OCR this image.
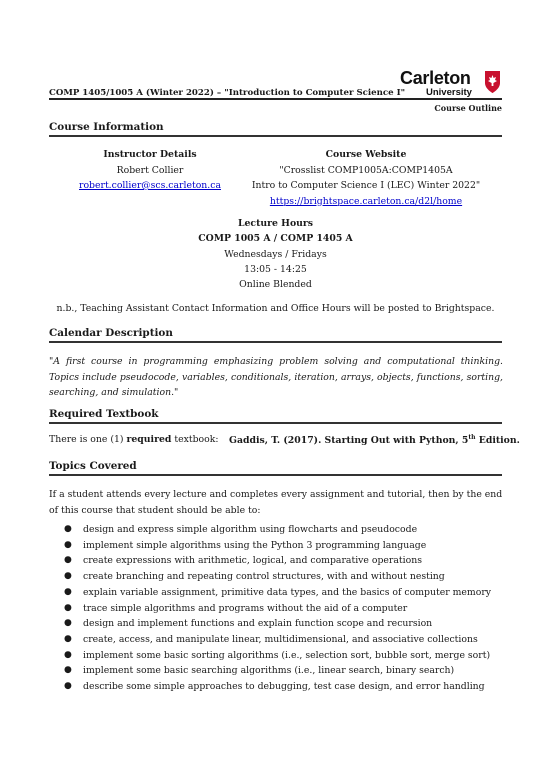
COMP 1405/1005 A (Winter 2022) – "Introduction to Computer Science I"
Carleton
University
Course Outline
Course Information
Instructor Details
Robert Collier
robert.collier@scs.carleton.ca
Course Website
"Crosslist COMP1005A:COMP1405A
Intro to Computer Science I (LEC) Winter 2022"
https://brightspace.carleton.ca/d2l/home
Lecture Hours
COMP 1005 A / COMP 1405 A
Wednesdays / Fridays
13:05 - 14:25
Online Blended
n.b., Teaching Assistant Contact Information and Office Hours will be posted to Brightspace.
Calendar Description
"A first course in programming emphasizing problem solving and computational thinking. Topics include pseudocode, variables, conditionals, iteration, arrays, objects, functions, sorting, searching, and simulation."
Required Textbook
There is one (1) required textbook: Gaddis, T. (2017). Starting Out with Python, 5th Edition.
Topics Covered
If a student attends every lecture and completes every assignment and tutorial, then by the end of this course that student should be able to:
● design and express simple algorithm using flowcharts and pseudocode
● implement simple algorithms using the Python 3 programming language
● create expressions with arithmetic, logical, and comparative operations
● create branching and repeating control structures, with and without nesting
● explain variable assignment, primitive data types, and the basics of computer memory
● trace simple algorithms and programs without the aid of a computer
● design and implement functions and explain function scope and recursion
● create, access, and manipulate linear, multidimensional, and associative collections
● implement some basic sorting algorithms (i.e., selection sort, bubble sort, merge sort)
● implement some basic searching algorithms (i.e., linear search, binary search)
● describe some simple approaches to debugging, test case design, and error handling
